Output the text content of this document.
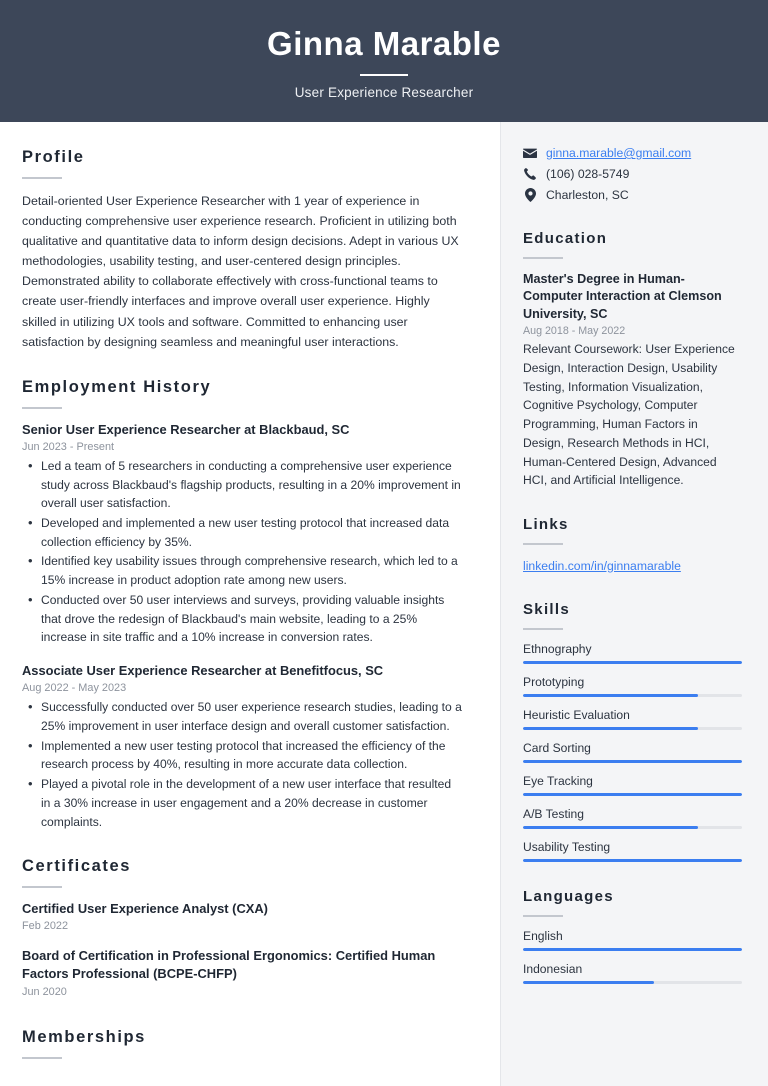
Ginna Marable
User Experience Researcher
Profile
Detail-oriented User Experience Researcher with 1 year of experience in conducting comprehensive user experience research. Proficient in utilizing both qualitative and quantitative data to inform design decisions. Adept in various UX methodologies, usability testing, and user-centered design principles. Demonstrated ability to collaborate effectively with cross-functional teams to create user-friendly interfaces and improve overall user experience. Highly skilled in utilizing UX tools and software. Committed to enhancing user satisfaction by designing seamless and meaningful user interactions.
Employment History
Senior User Experience Researcher at Blackbaud, SC
Jun 2023 - Present
• Led a team of 5 researchers in conducting a comprehensive user experience study across Blackbaud's flagship products, resulting in a 20% improvement in overall user satisfaction.
• Developed and implemented a new user testing protocol that increased data collection efficiency by 35%.
• Identified key usability issues through comprehensive research, which led to a 15% increase in product adoption rate among new users.
• Conducted over 50 user interviews and surveys, providing valuable insights that drove the redesign of Blackbaud's main website, leading to a 25% increase in site traffic and a 10% increase in conversion rates.
Associate User Experience Researcher at Benefitfocus, SC
Aug 2022 - May 2023
• Successfully conducted over 50 user experience research studies, leading to a 25% improvement in user interface design and overall customer satisfaction.
• Implemented a new user testing protocol that increased the efficiency of the research process by 40%, resulting in more accurate data collection.
• Played a pivotal role in the development of a new user interface that resulted in a 30% increase in user engagement and a 20% decrease in customer complaints.
Certificates
Certified User Experience Analyst (CXA)
Feb 2022
Board of Certification in Professional Ergonomics: Certified Human Factors Professional (BCPE-CHFP)
Jun 2020
Memberships
ginna.marable@gmail.com
(106) 028-5749
Charleston, SC
Education
Master's Degree in Human-Computer Interaction at Clemson University, SC
Aug 2018 - May 2022
Relevant Coursework: User Experience Design, Interaction Design, Usability Testing, Information Visualization, Cognitive Psychology, Computer Programming, Human Factors in Design, Research Methods in HCI, Human-Centered Design, Advanced HCI, and Artificial Intelligence.
Links
linkedin.com/in/ginnamarable
Skills
Ethnography
Prototyping
Heuristic Evaluation
Card Sorting
Eye Tracking
A/B Testing
Usability Testing
Languages
English
Indonesian
